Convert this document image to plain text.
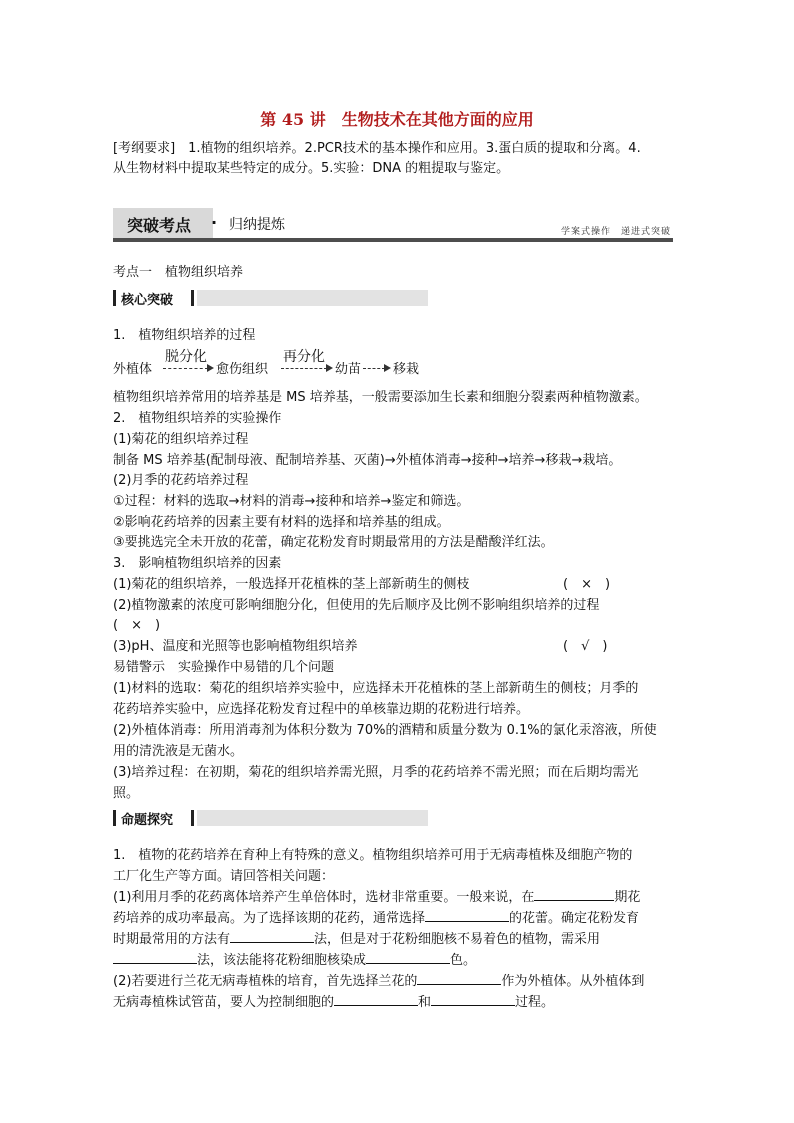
第 45 讲　生物技术在其他方面的应用
[考纲要求]　1.植物的组织培养。2.PCR技术的基本操作和应用。3.蛋白质的提取和分离。4.
从生物材料中提取某些特定的成分。5.实验：DNA 的粗提取与鉴定。
突破考点 · 归纳提炼	学案式操作　递进式突破
考点一　植物组织培养
核心突破
1.　植物组织培养的过程
外植体
脱分化
愈伤组织
再分化
幼苗 移栽
植物组织培养常用的培养基是 MS 培养基，一般需要添加生长素和细胞分裂素两种植物激素。
2.　植物组织培养的实验操作
(1)菊花的组织培养过程
制备 MS 培养基(配制母液、配制培养基、灭菌)→外植体消毒→接种→培养→移栽→栽培。
(2)月季的花药培养过程
①过程：材料的选取→材料的消毒→接种和培养→鉴定和筛选。
②影响花药培养的因素主要有材料的选择和培养基的组成。
③要挑选完全未开放的花蕾，确定花粉发育时期最常用的方法是醋酸洋红法。
3.　影响植物组织培养的因素
(1)菊花的组织培养，一般选择开花植株的茎上部新萌生的侧枝	(　×　)
(2)植物激素的浓度可影响细胞分化，但使用的先后顺序及比例不影响组织培养的过程
(　×　)
(3)pH、温度和光照等也影响植物组织培养	(　√　)
易错警示　实验操作中易错的几个问题
(1)材料的选取：菊花的组织培养实验中，应选择未开花植株的茎上部新萌生的侧枝；月季的
花药培养实验中，应选择花粉发育过程中的单核靠边期的花粉进行培养。
(2)外植体消毒：所用消毒剂为体积分数为 70%的酒精和质量分数为 0.1%的氯化汞溶液，所使
用的清洗液是无菌水。
(3)培养过程：在初期，菊花的组织培养需光照，月季的花药培养不需光照；而在后期均需光
照。
命题探究
1.　植物的花药培养在育种上有特殊的意义。植物组织培养可用于无病毒植株及细胞产物的
工厂化生产等方面。请回答相关问题：
(1)利用月季的花药离体培养产生单倍体时，选材非常重要。一般来说，在	期花
药培养的成功率最高。为了选择该期的花药，通常选择	的花蕾。确定花粉发育
时期最常用的方法有	法，但是对于花粉细胞核不易着色的植物，需采用
法，该法能将花粉细胞核染成	色。
(2)若要进行兰花无病毒植株的培育，首先选择兰花的	作为外植体。从外植体到
无病毒植株试管苗，要人为控制细胞的	和	过程。
